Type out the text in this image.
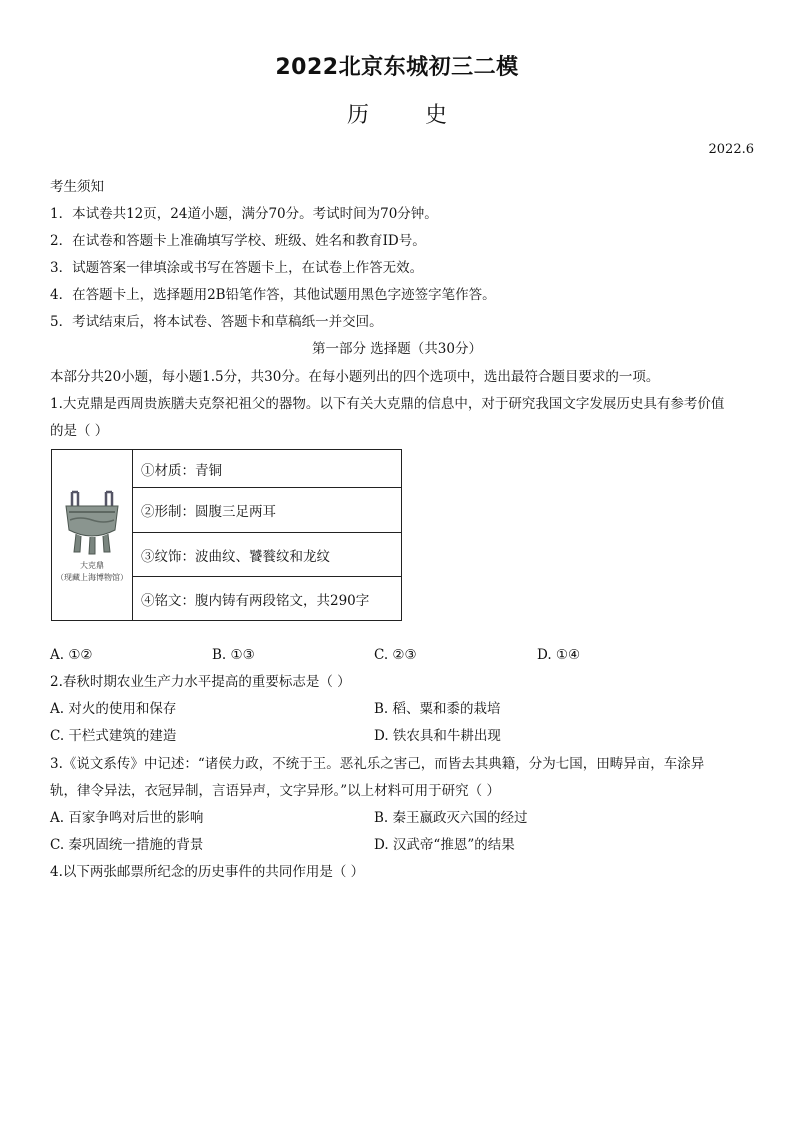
2022北京东城初三二模
历史
2022.6
考生须知
1．本试卷共12页，24道小题，满分70分。考试时间为70分钟。
2．在试卷和答题卡上准确填写学校、班级、姓名和教育ID号。
3．试题答案一律填涂或书写在答题卡上，在试卷上作答无效。
4．在答题卡上，选择题用2B铅笔作答，其他试题用黑色字迹签字笔作答。
5．考试结束后，将本试卷、答题卡和草稿纸一并交回。
第一部分 选择题（共30分）
本部分共20小题，每小题1.5分，共30分。在每小题列出的四个选项中，选出最符合题目要求的一项。
1.大克鼎是西周贵族膳夫克祭祀祖父的器物。以下有关大克鼎的信息中，对于研究我国文字发展历史具有参考价值
的是（ ）
大克鼎
（现藏上海博物馆）
	①材质：青铜
②形制：圆腹三足两耳
③纹饰：波曲纹、饕餮纹和龙纹
④铭文：腹内铸有两段铭文，共290字
A. ①②	B. ①③	C. ②③	D. ①④
2.春秋时期农业生产力水平提高的重要标志是（ ）
A. 对火的使用和保存	B. 稻、粟和黍的栽培
C. 干栏式建筑的建造	D. 铁农具和牛耕出现
3.《说文系传》中记述：“诸侯力政，不统于王。恶礼乐之害己，而皆去其典籍，分为七国，田畴异亩，车涂异
轨，律令异法，衣冠异制，言语异声，文字异形。”以上材料可用于研究（ ）
A. 百家争鸣对后世的影响	B. 秦王嬴政灭六国的经过
C. 秦巩固统一措施的背景	D. 汉武帝“推恩”的结果
4.以下两张邮票所纪念的历史事件的共同作用是（ ）
